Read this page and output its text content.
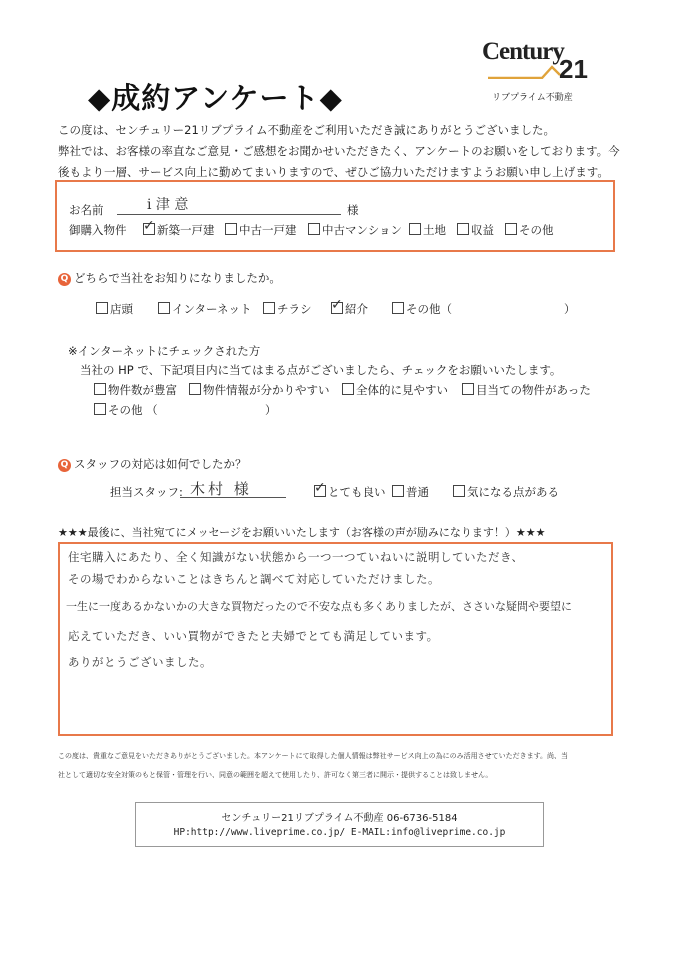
◆成約アンケート◆
Century
21
リブプライム不動産

この度は、センチュリー21リブプライム不動産をご利用いただき誠にありがとうございました。

弊社では、お客様の率直なご意見・ご感想をお聞かせいただきたく、アンケートのお願いをしております。今

後もより一層、サービス向上に勤めてまいりますので、ぜひご協力いただけますようお願い申し上げます。

お名前	i 津 意	様
御購入物件 ✓	新築一戸建	中古一戸建	中古マンション	土地	収益	その他
Q どちらで当社をお知りになりましたか。
店頭	インターネット	チラシ ✓	紹介	その他（	）
※インターネットにチェックされた方
当社の HP で、下記項目内に当てはまる点がございましたら、チェックをお願いいたします。
物件数が豊富	物件情報が分かりやすい	全体的に見やすい	目当ての物件があった
その他 （	）
Q スタッフの対応は如何でしたか？
担当スタッフ: 木村 様 ✓	とても良い	普通	気になる点がある
★★★最後に、当社宛てにメッセージをお願いいたします（お客様の声が励みになります！）★★★
住宅購入にあたり、全く知識がない状態から一つ一つていねいに説明していただき、
その場でわからないことはきちんと調べて対応していただけました。
一生に一度あるかないかの大きな買物だったので不安な点も多くありましたが、ささいな疑問や要望に
応えていただき、いい買物ができたと夫婦でとても満足しています。
ありがとうございました。

この度は、貴重なご意見をいただきありがとうございました。本アンケートにて取得した個人情報は弊社サービス向上の為にのみ活用させていただきます。尚、当

社として適切な安全対策のもと保管・管理を行い、同意の範囲を超えて使用したり、許可なく第三者に開示・提供することは致しません。

センチュリー21リブプライム不動産 06-6736-5184
HP:http://www.liveprime.co.jp/ E-MAIL:info@liveprime.co.jp
